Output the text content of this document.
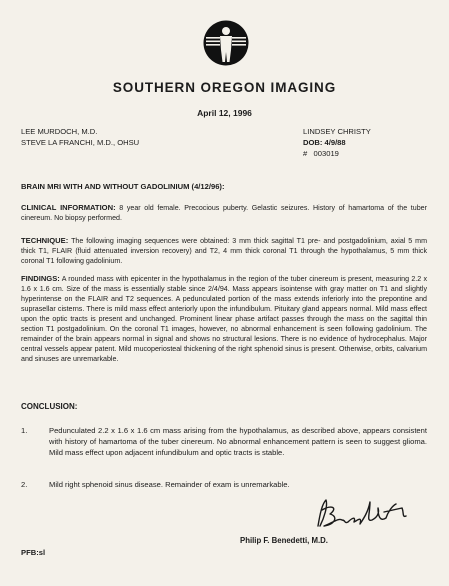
SOUTHERN OREGON IMAGING
April 12, 1996
LEE MURDOCH, M.D.
STEVE LA FRANCHI, M.D., OHSU
LINDSEY CHRISTY
DOB: 4/9/88
#   003019
BRAIN MRI WITH AND WITHOUT GADOLINIUM (4/12/96):
CLINICAL INFORMATION: 8 year old female. Precocious puberty. Gelastic seizures. History of hamartoma of the tuber cinereum. No biopsy performed.
TECHNIQUE: The following imaging sequences were obtained: 3 mm thick sagittal T1 pre- and postgadolinium, axial 5 mm thick T1, FLAIR (fluid attenuated inversion recovery) and T2, 4 mm thick coronal T1 through the hypothalamus, 5 mm thick coronal T1 following gadolinium.
FINDINGS: A rounded mass with epicenter in the hypothalamus in the region of the tuber cinereum is present, measuring 2.2 x 1.6 x 1.6 cm. Size of the mass is essentially stable since 2/4/94. Mass appears isointense with gray matter on T1 and slightly hyperintense on the FLAIR and T2 sequences. A pedunculated portion of the mass extends inferiorly into the prepontine and suprasellar cisterns. There is mild mass effect anteriorly upon the infundibulum. Pituitary gland appears normal. Mild mass effect upon the optic tracts is present and unchanged. Prominent linear phase artifact passes through the mass on the sagittal thin section T1 postgadolinium. On the coronal T1 images, however, no abnormal enhancement is seen following gadolinium. The remainder of the brain appears normal in signal and shows no structural lesions. There is no evidence of hydrocephalus. Major central vessels appear patent. Mild mucoperiosteal thickening of the right sphenoid sinus is present. Otherwise, orbits, calvarium and sinuses are unremarkable.
CONCLUSION:
1.	Pedunculated 2.2 x 1.6 x 1.6 cm mass arising from the hypothalamus, as described above, appears consistent with history of hamartoma of the tuber cinereum. No abnormal enhancement pattern is seen to suggest glioma. Mild mass effect upon adjacent infundibulum and optic tracts is stable.
2.	Mild right sphenoid sinus disease. Remainder of exam is unremarkable.
Philip F. Benedetti, M.D.
PFB:sl
